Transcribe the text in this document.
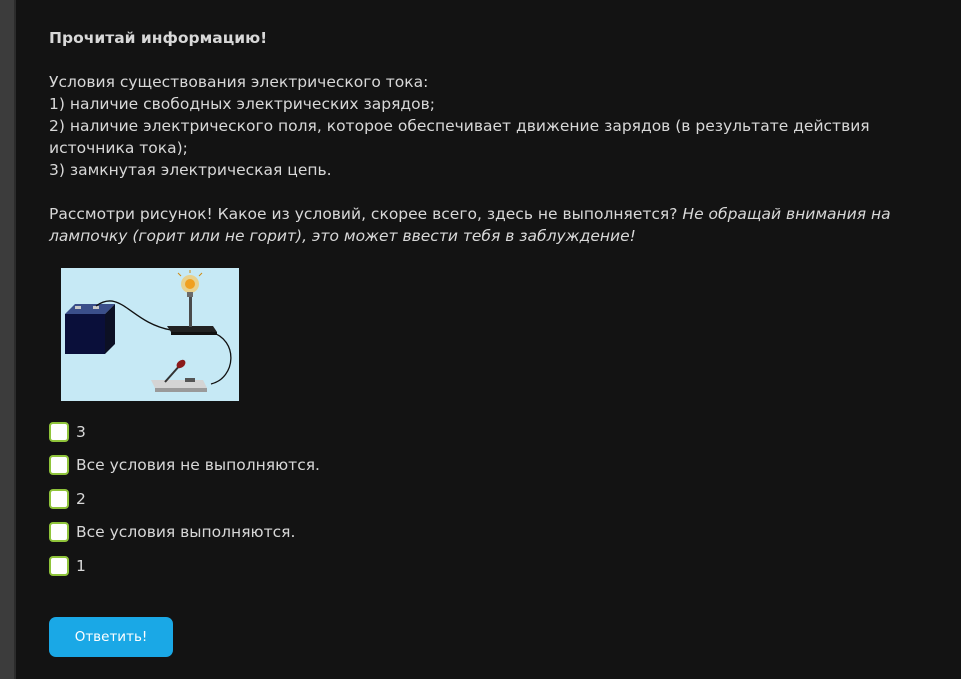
Прочитай информацию!

Условия существования электрического тока:

1) наличие свободных электрических зарядов;

2) наличие электрического поля, которое обеспечивает движение зарядов (в результате действия источника тока);

3) замкнутая электрическая цепь.

Рассмотри рисунок! Какое из условий, скорее всего, здесь не выполняется? Не обращай внимания на лампочку (горит или не горит), это может ввести тебя в заблуждение!

3
Все условия не выполняются.
2
Все условия выполняются.
1
Ответить!
